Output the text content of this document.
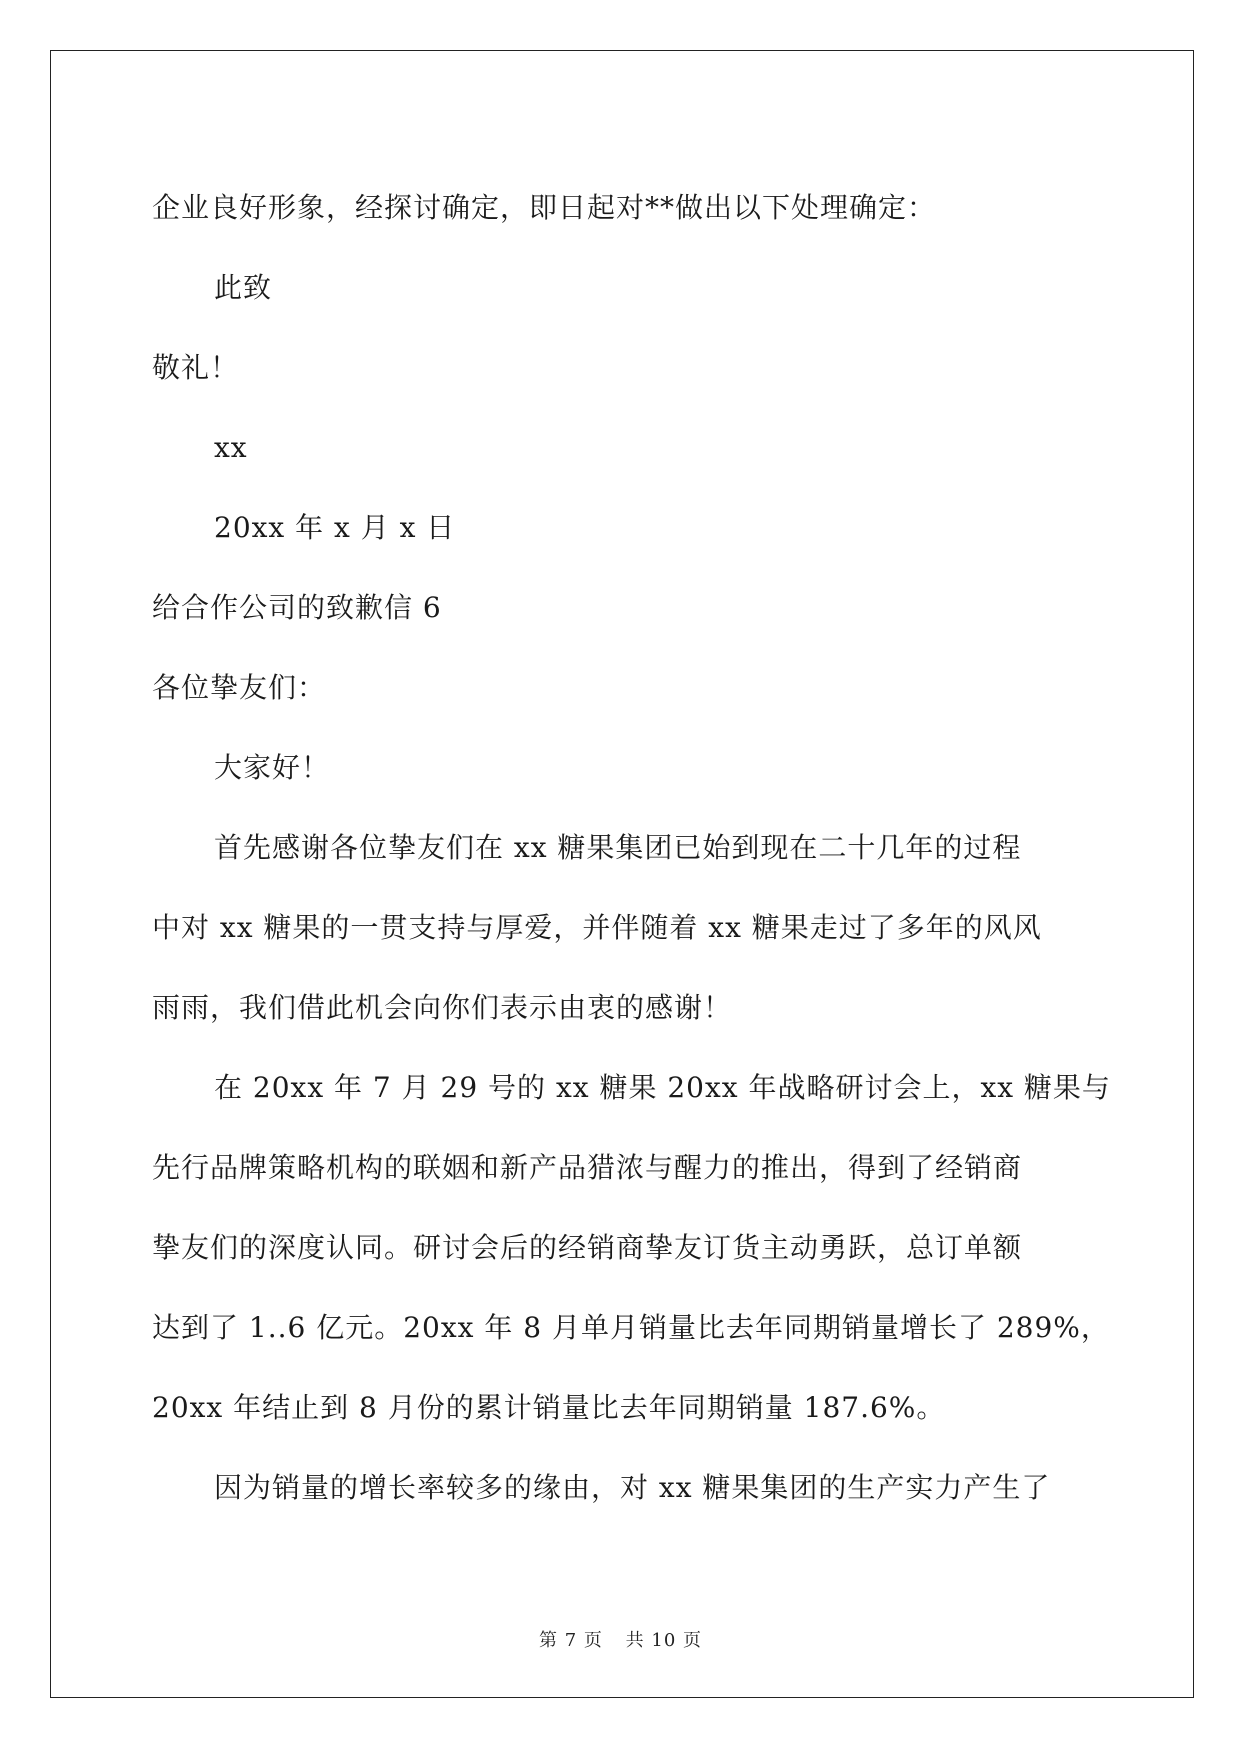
企业良好形象，经探讨确定，即日起对**做出以下处理确定：
此致
敬礼！
xx
20xx 年 x 月 x 日
给合作公司的致歉信 6
各位挚友们：
大家好！
首先感谢各位挚友们在 xx 糖果集团已始到现在二十几年的过程
中对 xx 糖果的一贯支持与厚爱，并伴随着 xx 糖果走过了多年的风风
雨雨，我们借此机会向你们表示由衷的感谢！
在 20xx 年 7 月 29 号的 xx 糖果 20xx 年战略研讨会上，xx 糖果与
先行品牌策略机构的联姻和新产品猎浓与醒力的推出，得到了经销商
挚友们的深度认同。研讨会后的经销商挚友订货主动勇跃，总订单额
达到了 1..6 亿元。20xx 年 8 月单月销量比去年同期销量增长了 289%，
20xx 年结止到 8 月份的累计销量比去年同期销量 187.6%。
因为销量的增长率较多的缘由，对 xx 糖果集团的生产实力产生了
第 7 页 共 10 页
